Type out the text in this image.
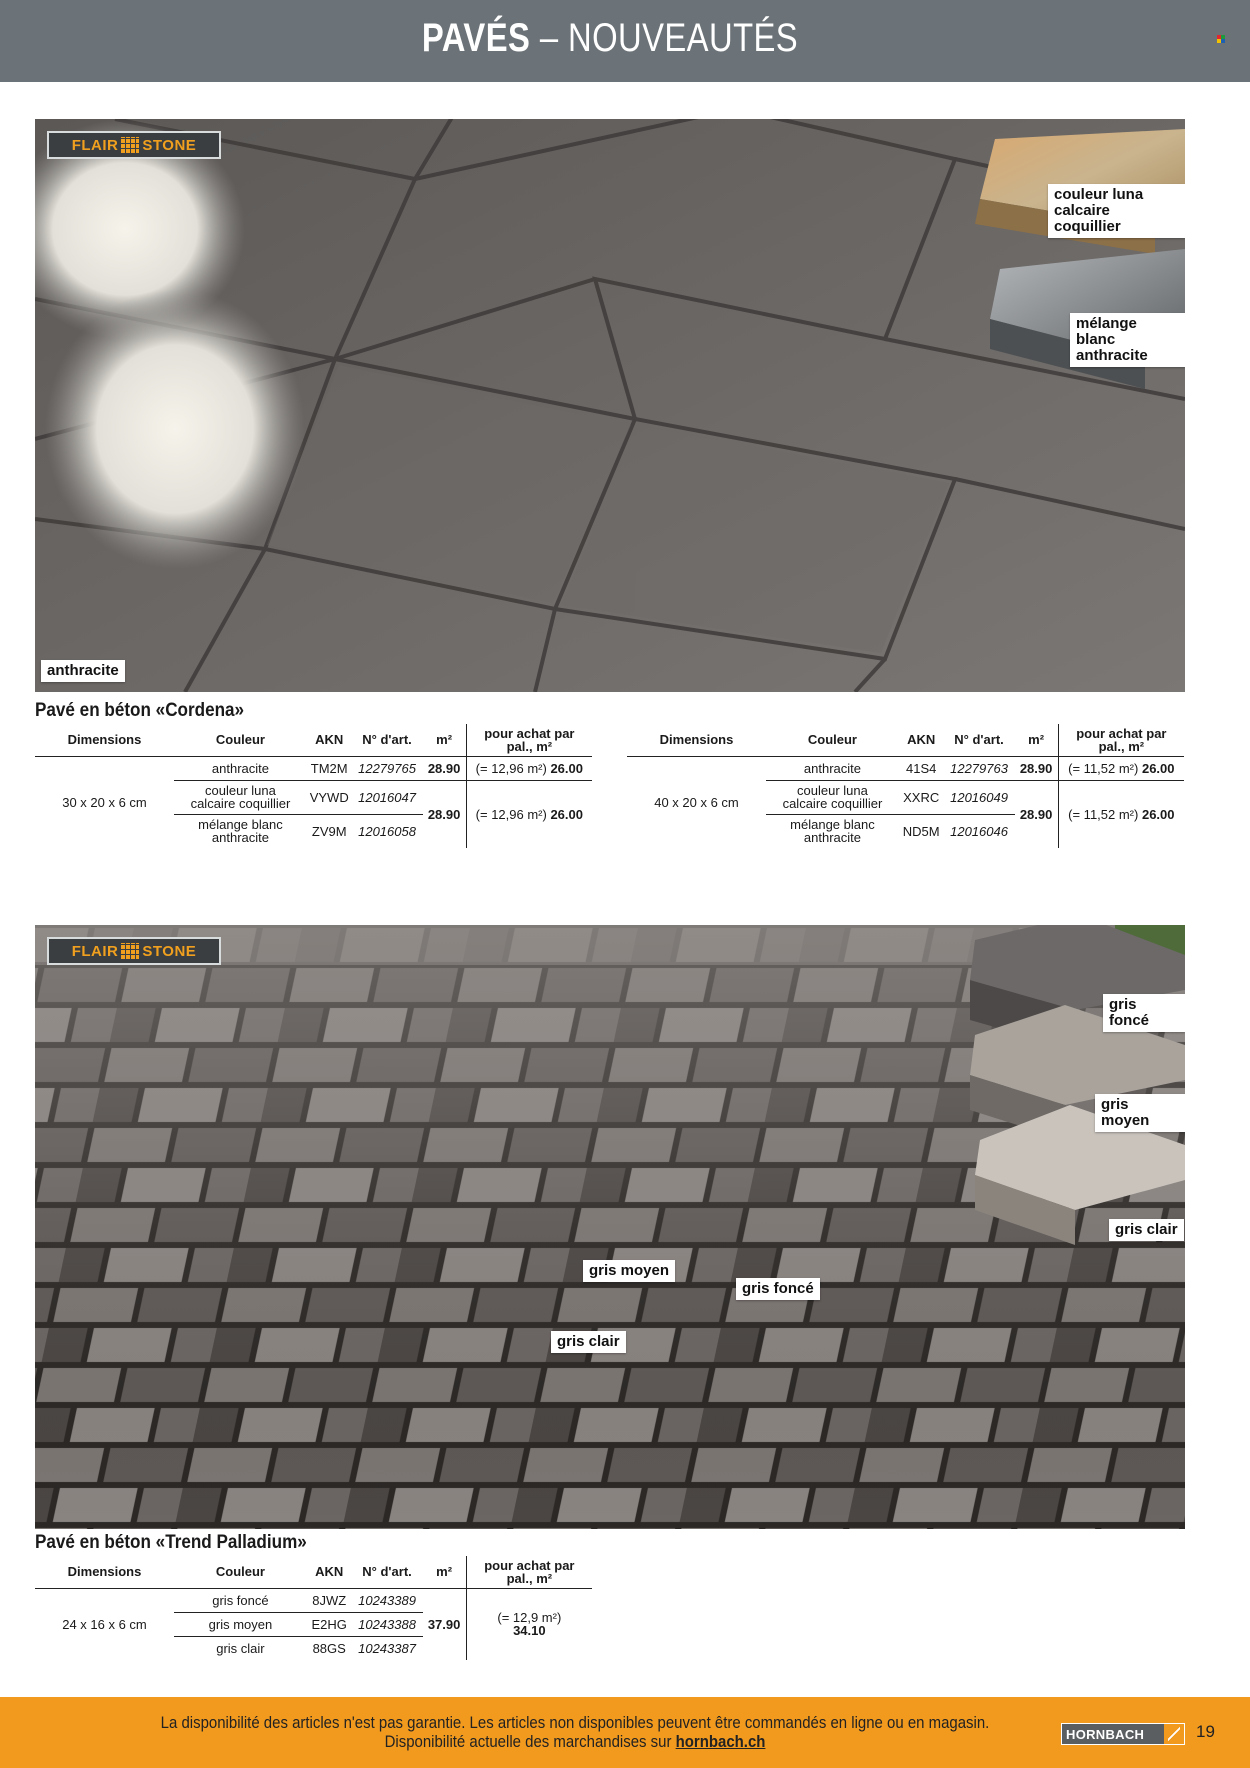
PAVÉS – NOUVEAUTÉS
FLAIR STONE
couleur luna
calcaire coquillier
mélange blanc
anthracite
anthracite
Pavé en béton «Cordena»
Dimensions	Couleur	AKN	N° d'art.	m²	pour achat par
pal., m²

30 x 20 x 6 cm	anthracite	TM2M	12279765	28.90	(= 12,96 m²) 26.00

	couleur luna
calcaire coquillier	VYWD	12016047	28.90	(= 12,96 m²) 26.00

	mélange blanc
anthracite	ZV9M	12016058		
Dimensions	Couleur	AKN	N° d'art.	m²	pour achat par
pal., m²

40 x 20 x 6 cm	anthracite	41S4	12279763	28.90	(= 11,52 m²) 26.00

	couleur luna
calcaire coquillier	XXRC	12016049	28.90	(= 11,52 m²) 26.00

	mélange blanc
anthracite	ND5M	12016046		
FLAIR STONE
gris foncé
gris moyen
gris clair
gris moyen
gris foncé
gris clair
Pavé en béton «Trend Palladium»
Dimensions	Couleur	AKN	N° d'art.	m²	pour achat par
pal., m²

24 x 16 x 6 cm	gris foncé	8JWZ	10243389	37.90	(= 12,9 m²)
34.10

	gris moyen	E2HG	10243388		
	gris clair	88GS	10243387		
La disponibilité des articles n'est pas garantie. Les articles non disponibles peuvent être commandés en ligne ou en magasin.
Disponibilité actuelle des marchandises sur hornbach.ch	HORNBACH	19
